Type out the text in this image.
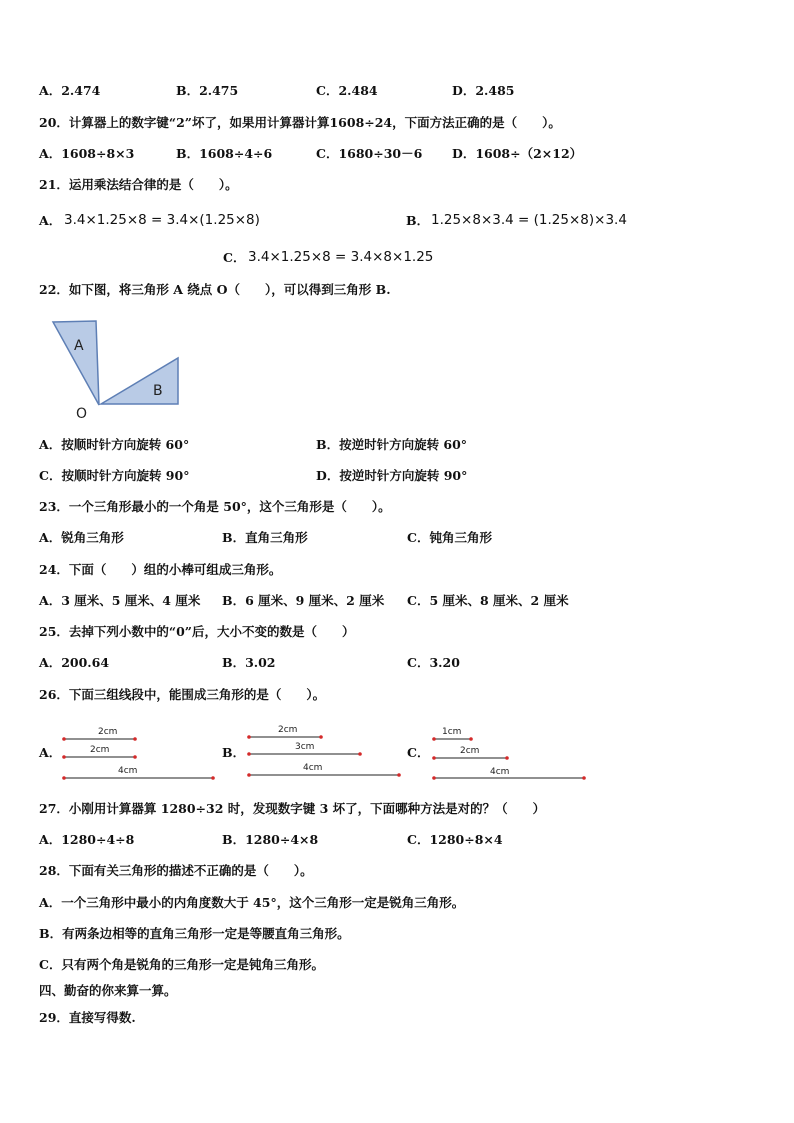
A．2.474	B．2.475	C．2.484	D．2.485
20．计算器上的数字键“2”坏了，如果用计算器计算1608÷24，下面方法正确的是（　　）。
A．1608÷8×3	B．1608÷4÷6	C．1680÷30－6 D．1608÷（2×12）
21．运用乘法结合律的是（　　）。
A． 3.4×1.25×8 = 3.4×(1.25×8)	B． 1.25×8×3.4 = (1.25×8)×3.4
C． 3.4×1.25×8 = 3.4×8×1.25
22．如下图，将三角形 A 绕点 O（　　），可以得到三角形 B.
A
B
O
A．按顺时针方向旋转 60°	B．按逆时针方向旋转 60°
C．按顺时针方向旋转 90°	D．按逆时针方向旋转 90°
23．一个三角形最小的一个角是 50°，这个三角形是（　　）。
A．锐角三角形	B．直角三角形	C．钝角三角形
24．下面（　　）组的小棒可组成三角形。
A．3 厘米、5 厘米、4 厘米 B．6 厘米、9 厘米、2 厘米 C．5 厘米、8 厘米、2 厘米
25．去掉下列小数中的“0”后，大小不变的数是（　　）
A．200.64	B．3.02	C．3.20
26．下面三组线段中，能围成三角形的是（　　）。
A．
2cm
2cm
4cm
B．
2cm
3cm
4cm
C．
1cm
2cm
4cm
27．小刚用计算器算 1280÷32 时，发现数字键 3 坏了，下面哪种方法是对的？（　　）
A．1280÷4÷8	B．1280÷4×8	C．1280÷8×4
28．下面有关三角形的描述不正确的是（　　）。
A．一个三角形中最小的内角度数大于 45°，这个三角形一定是锐角三角形。
B．有两条边相等的直角三角形一定是等腰直角三角形。
C．只有两个角是锐角的三角形一定是钝角三角形。
四、勤奋的你来算一算。
29．直接写得数.
